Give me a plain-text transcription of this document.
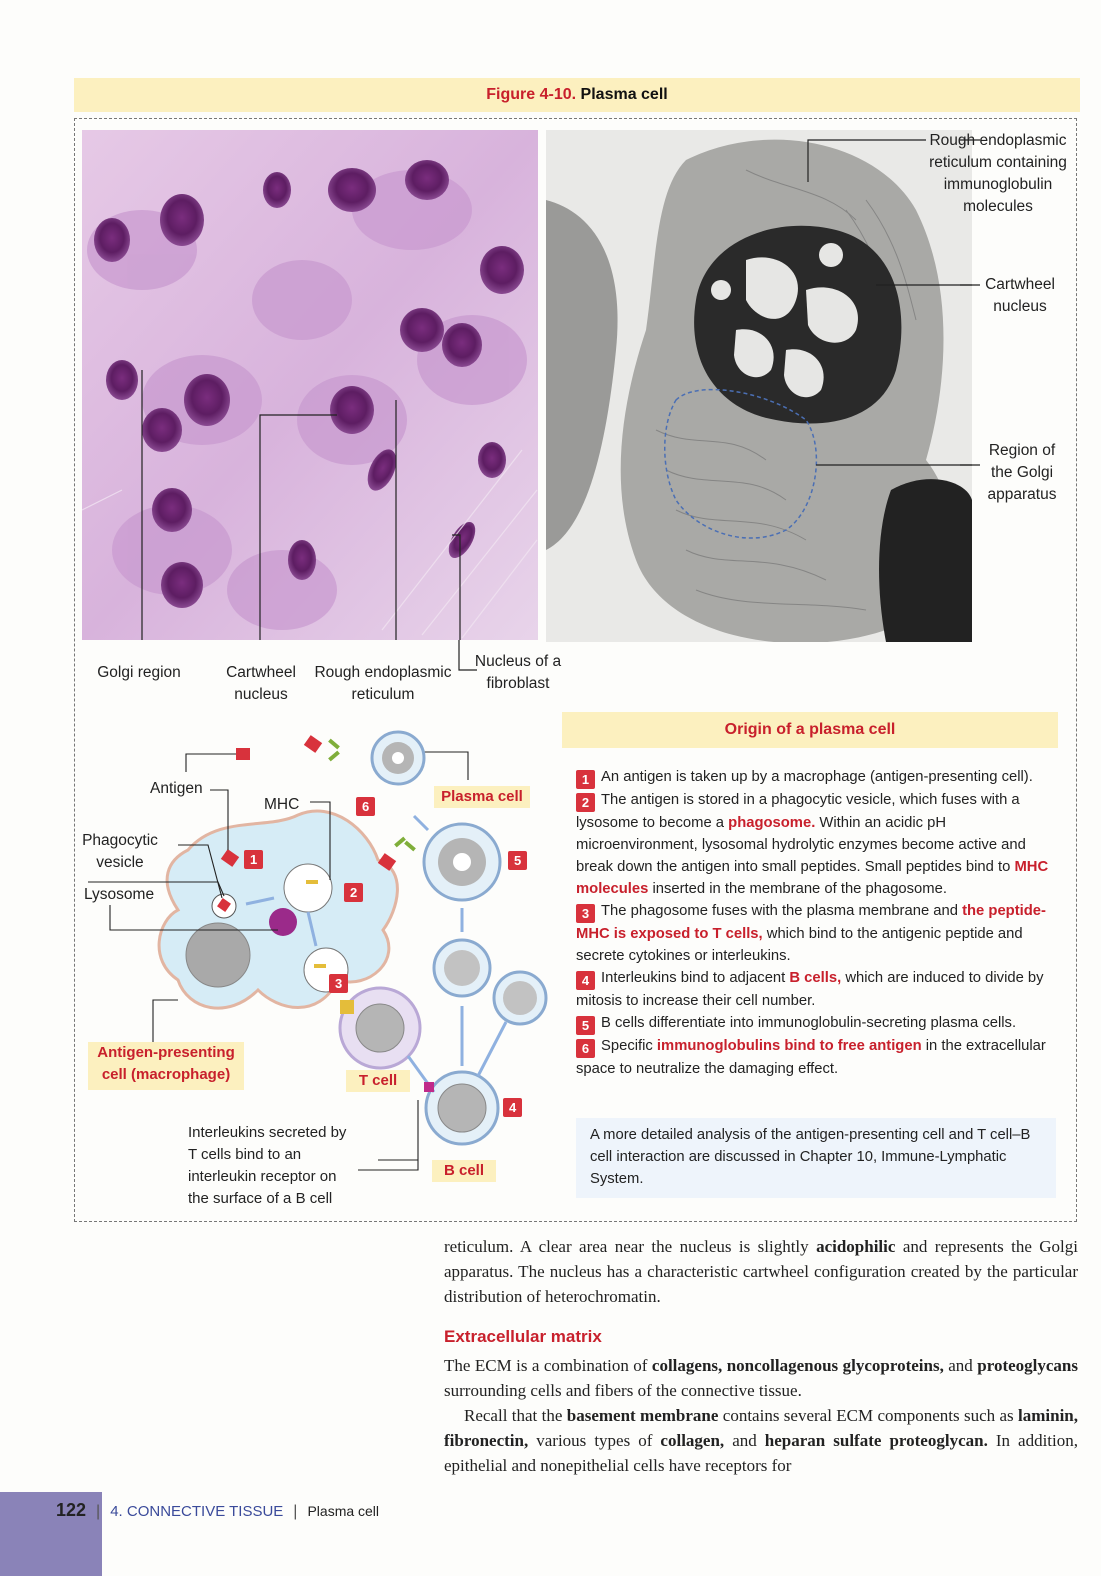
Figure 4-10. Plasma cell
Golgi region	Cartwheel nucleus
Rough endoplasmic reticulum
Nucleus of a fibroblast
Rough endoplasmic reticulum containing immunoglobulin molecules
Cartwheel nucleus
Region of the Golgi apparatus
1
2
3
4
5
6
Antigen
MHC
Phagocytic vesicle
Lysosome
Antigen-presenting cell (macrophage)	T cell
B cell
Plasma cell
Interleukins secreted by T cells bind to an interleukin receptor on the surface of a B cell
Origin of a plasma cell

1 An antigen is taken up by a macrophage (antigen-presenting cell).

2 The antigen is stored in a phagocytic vesicle, which fuses with a lysosome to become a phagosome. Within an acidic pH microenvironment, lysosomal hydrolytic enzymes become active and break down the antigen into small peptides. Small peptides bind to MHC molecules inserted in the membrane of the phagosome.

3 The phagosome fuses with the plasma membrane and the peptide-MHC is exposed to T cells, which bind to the antigenic peptide and secrete cytokines or interleukins.

4 Interleukins bind to adjacent B cells, which are induced to divide by mitosis to increase their cell number.

5 B cells differentiate into immunoglobulin-secreting plasma cells.

6 Specific immunoglobulins bind to free antigen in the extracellular space to neutralize the damaging effect.

A more detailed analysis of the antigen-presenting cell and T cell–B cell interaction are discussed in Chapter 10, Immune-Lymphatic System.

reticulum. A clear area near the nucleus is slightly acidophilic and represents the Golgi apparatus. The nucleus has a characteristic cartwheel configuration created by the particular distribution of heterochromatin.

Extracellular matrix

The ECM is a combination of collagens, noncollagenous glycoproteins, and proteoglycans surrounding cells and fibers of the connective tissue.

Recall that the basement membrane contains several ECM components such as laminin, fibronectin, various types of collagen, and heparan sulfate proteoglycan. In addition, epithelial and nonepithelial cells have receptors for

122 | 4. CONNECTIVE TISSUE | Plasma cell
